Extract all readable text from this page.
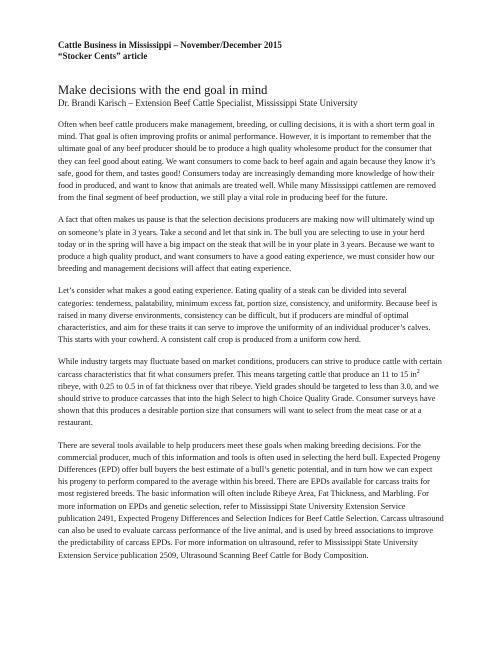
Cattle Business in Mississippi – November/December 2015

“Stocker Cents” article

Make decisions with the end goal in mind

Dr. Brandi Karisch – Extension Beef Cattle Specialist, Mississippi State University

Often when beef cattle producers make management, breeding, or culling decisions, it is with a short term goal in mind. That goal is often improving profits or animal performance. However, it is important to remember that the ultimate goal of any beef producer should be to produce a high quality wholesome product for the consumer that they can feel good about eating. We want consumers to come back to beef again and again because they know it’s safe, good for them, and tastes good! Consumers today are increasingly demanding more knowledge of how their food in produced, and want to know that animals are treated well. While many Mississippi cattlemen are removed from the final segment of beef production, we still play a vital role in producing beef for the future.

A fact that often makes us pause is that the selection decisions producers are making now will ultimately wind up on someone’s plate in 3 years. Take a second and let that sink in. The bull you are selecting to use in your herd today or in the spring will have a big impact on the steak that will be in your plate in 3 years. Because we want to produce a high quality product, and want consumers to have a good eating experience, we must consider how our breeding and management decisions will affect that eating experience.

Let’s consider what makes a good eating experience. Eating quality of a steak can be divided into several categories: tenderness, palatability, minimum excess fat, portion size, consistency, and uniformity. Because beef is raised in many diverse environments, consistency can be difficult, but if producers are mindful of optimal characteristics, and aim for these traits it can serve to improve the uniformity of an individual producer’s calves. This starts with your cowherd. A consistent calf crop is produced from a uniform cow herd.

While industry targets may fluctuate based on market conditions, producers can strive to produce cattle with certain carcass characteristics that fit what consumers prefer. This means targeting cattle that produce an 11 to 15 $in^2$ ribeye, with 0.25 to 0.5 in of fat thickness over that ribeye. Yield grades should be targeted to less than 3.0, and we should strive to produce carcasses that into the high Select to high Choice Quality Grade. Consumer surveys have shown that this produces a desirable portion size that consumers will want to select from the meat case or at a restaurant.

There are several tools available to help producers meet these goals when making breeding decisions. For the commercial producer, much of this information and tools is often used in selecting the herd bull. Expected Progeny Differences (EPD) offer bull buyers the best estimate of a bull’s genetic potential, and in turn how we can expect his progeny to perform compared to the average within his breed. There are EPDs available for carcass traits for most registered breeds. The basic information will often include Ribeye Area, Fat Thickness, and Marbling. For more information on EPDs and genetic selection, refer to Mississippi State University Extension Service publication 2491, Expected Progeny Differences and Selection Indices for Beef Cattle Selection. Carcass ultrasound can also be used to evaluate carcass performance of the live animal, and is used by breed associations to improve the predictability of carcass EPDs. For more information on ultrasound, refer to Mississippi State University Extension Service publication 2509, Ultrasound Scanning Beef Cattle for Body Composition.
